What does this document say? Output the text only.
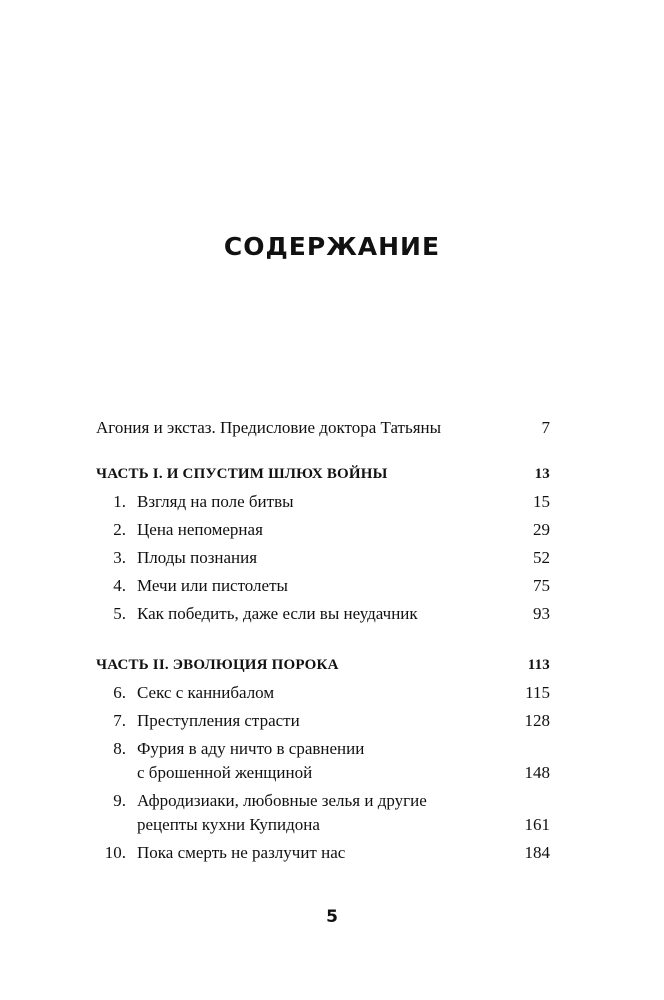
СОДЕРЖАНИЕ
Агония и экстаз. Предисловие доктора Татьяны	7
ЧАСТЬ I. И СПУСТИМ ШЛЮХ ВОЙНЫ	13
1. Взгляд на поле битвы	15
2. Цена непомерная	29
3. Плоды познания	52
4. Мечи или пистолеты	75
5. Как победить, даже если вы неудачник	93
ЧАСТЬ II. ЭВОЛЮЦИЯ ПОРОКА	113
6. Секс с каннибалом	115
7. Преступления страсти	128
8. Фурия в аду ничто в сравнении
с брошенной женщиной	148
9. Афродизиаки, любовные зелья и другие
рецепты кухни Купидона	161
10. Пока смерть не разлучит нас	184
5
